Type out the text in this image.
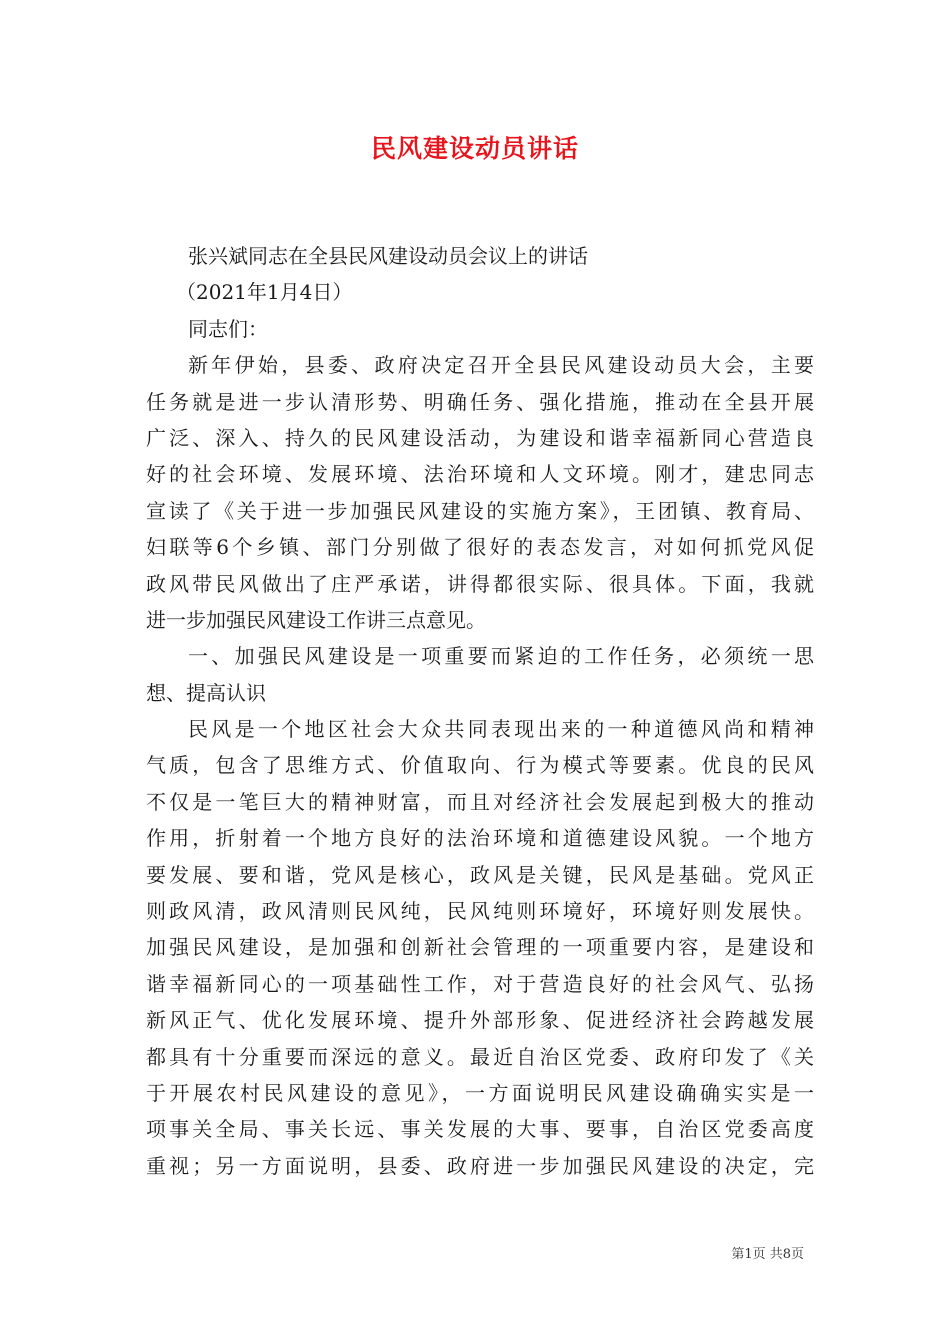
民风建设动员讲话
张兴斌同志在全县民风建设动员会议上的讲话
（2021年1月4日）
同志们：
新年伊始，县委、政府决定召开全县民风建设动员大会，主要
任务就是进一步认清形势、明确任务、强化措施，推动在全县开展
广泛、深入、持久的民风建设活动，为建设和谐幸福新同心营造良
好的社会环境、发展环境、法治环境和人文环境。刚才，建忠同志
宣读了《关于进一步加强民风建设的实施方案》，王团镇、教育局、
妇联等6个乡镇、部门分别做了很好的表态发言，对如何抓党风促
政风带民风做出了庄严承诺，讲得都很实际、很具体。下面，我就
进一步加强民风建设工作讲三点意见。
一、加强民风建设是一项重要而紧迫的工作任务，必须统一思
想、提高认识
民风是一个地区社会大众共同表现出来的一种道德风尚和精神
气质，包含了思维方式、价值取向、行为模式等要素。优良的民风
不仅是一笔巨大的精神财富，而且对经济社会发展起到极大的推动
作用，折射着一个地方良好的法治环境和道德建设风貌。一个地方
要发展、要和谐，党风是核心，政风是关键，民风是基础。党风正
则政风清，政风清则民风纯，民风纯则环境好，环境好则发展快。
加强民风建设，是加强和创新社会管理的一项重要内容，是建设和
谐幸福新同心的一项基础性工作，对于营造良好的社会风气、弘扬
新风正气、优化发展环境、提升外部形象、促进经济社会跨越发展
都具有十分重要而深远的意义。最近自治区党委、政府印发了《关
于开展农村民风建设的意见》，一方面说明民风建设确确实实是一
项事关全局、事关长远、事关发展的大事、要事，自治区党委高度
重视；另一方面说明，县委、政府进一步加强民风建设的决定，完
第1页 共8页
